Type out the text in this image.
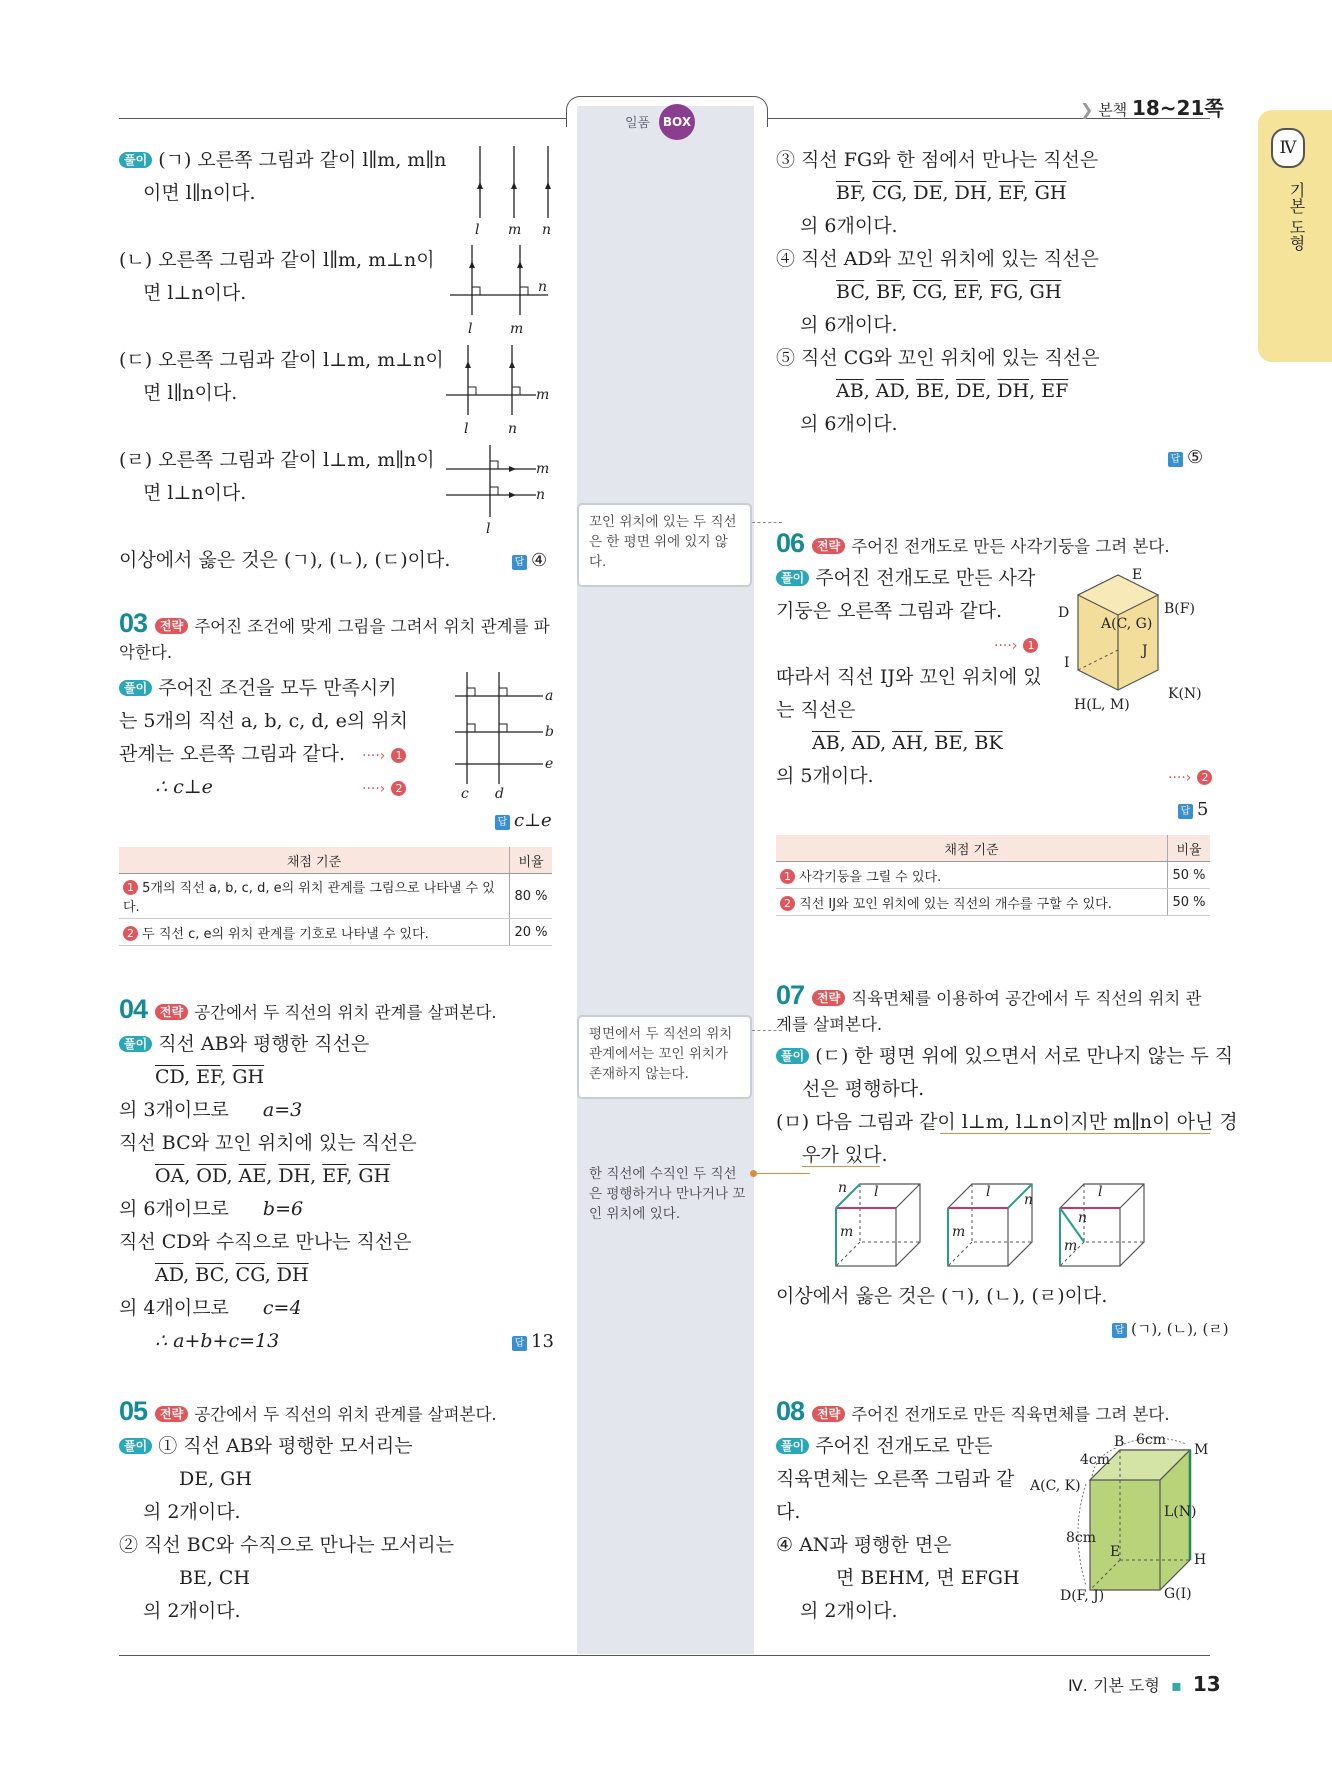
일품	BOX
❯ 본책 18~21쪽
Ⅳ
기본 도형
Ⅳ. 기본 도형 ▪ 13
풀이 (ㄱ) 오른쪽 그림과 같이 l∥m, m∥n
이면 l∥n이다.
(ㄴ) 오른쪽 그림과 같이 l∥m, m⊥n이
면 l⊥n이다.
(ㄷ) 오른쪽 그림과 같이 l⊥m, m⊥n이
면 l∥n이다.
(ㄹ) 오른쪽 그림과 같이 l⊥m, m∥n이
면 l⊥n이다.
이상에서 옳은 것은 (ㄱ), (ㄴ), (ㄷ)이다.	답 ④
l m n
l	m
n
l	n
m
l
m
n
03 전략 주어진 조건에 맞게 그림을 그려서 위치 관계를 파악한다.
풀이 주어진 조건을 모두 만족시키
는 5개의 직선 a, b, c, d, e의 위치
관계는 오른쪽 그림과 같다. ····› 1
∴ c⊥e	····› 2
a
b
e
c d
답 c⊥e
채점 기준	비율
1 5개의 직선 a, b, c, d, e의 위치 관계를 그림으로 나타낼 수 있다.	80 %
2 두 직선 c, e의 위치 관계를 기호로 나타낼 수 있다.	20 %
04 전략 공간에서 두 직선의 위치 관계를 살펴본다.
풀이 직선 AB와 평행한 직선은
$\overline{CD}$, $\overline{EF}$, $\overline{GH}$
의 3개이므로 a=3
직선 BC와 꼬인 위치에 있는 직선은
$\overline{OA}$, $\overline{OD}$, $\overline{AE}$, $\overline{DH}$, $\overline{EF}$, $\overline{GH}$
의 6개이므로 b=6
직선 CD와 수직으로 만나는 직선은
$\overline{AD}$, $\overline{BC}$, $\overline{CG}$, $\overline{DH}$
의 4개이므로 c=4
∴ a+b+c=13	답 13
05 전략 공간에서 두 직선의 위치 관계를 살펴본다.
풀이 ① 직선 AB와 평행한 모서리는
DE, GH
의 2개이다.
② 직선 BC와 수직으로 만나는 모서리는
BE, CH
의 2개이다.
꼬인 위치에 있는 두 직선은 한 평면 위에 있지 않다.
평면에서 두 직선의 위치 관계에서는 꼬인 위치가 존재하지 않는다.
한 직선에 수직인 두 직선은 평행하거나 만나거나 꼬인 위치에 있다.
③ 직선 FG와 한 점에서 만나는 직선은
$\overline{BF}$, $\overline{CG}$, $\overline{DE}$, $\overline{DH}$, $\overline{EF}$, $\overline{GH}$
의 6개이다.
④ 직선 AD와 꼬인 위치에 있는 직선은
$\overline{BC}$, $\overline{BF}$, $\overline{CG}$, $\overline{EF}$, $\overline{FG}$, $\overline{GH}$
의 6개이다.
⑤ 직선 CG와 꼬인 위치에 있는 직선은
$\overline{AB}$, $\overline{AD}$, $\overline{BE}$, $\overline{DE}$, $\overline{DH}$, $\overline{EF}$
의 6개이다.
답 ⑤
06 전략 주어진 전개도로 만든 사각기둥을 그려 본다.
풀이 주어진 전개도로 만든 사각
기둥은 오른쪽 그림과 같다.
····› 1
따라서 직선 IJ와 꼬인 위치에 있
는 직선은
$\overline{AB}$, $\overline{AD}$, $\overline{AH}$, $\overline{BE}$, $\overline{BK}$
의 5개이다.	····› 2
답 5
E
D
A(C, G)
B(F)
J
I
K(N)
H(L, M)
채점 기준	비율
1 사각기둥을 그릴 수 있다.	50 %
2 직선 IJ와 꼬인 위치에 있는 직선의 개수를 구할 수 있다.	50 %
07 전략 직육면체를 이용하여 공간에서 두 직선의 위치 관계를 살펴본다.
풀이 (ㄷ) 한 평면 위에 있으면서 서로 만나지 않는 두 직
선은 평행하다.
(ㅁ) 다음 그림과 같이 l⊥m, l⊥n이지만 m∥n이 아닌 경
우가 있다.
n l
m
l n
m
l
n
m
이상에서 옳은 것은 (ㄱ), (ㄴ), (ㄹ)이다.
답 (ㄱ), (ㄴ), (ㄹ)
08 전략 주어진 전개도로 만든 직육면체를 그려 본다.
풀이 주어진 전개도로 만든
직육면체는 오른쪽 그림과 같
다.
④ AN과 평행한 면은
면 BEHM, 면 EFGH
의 2개이다.
B 6cm
M
4cm
A(C, K)
L(N)
8cm
E	H
D(F, J)	G(I)
